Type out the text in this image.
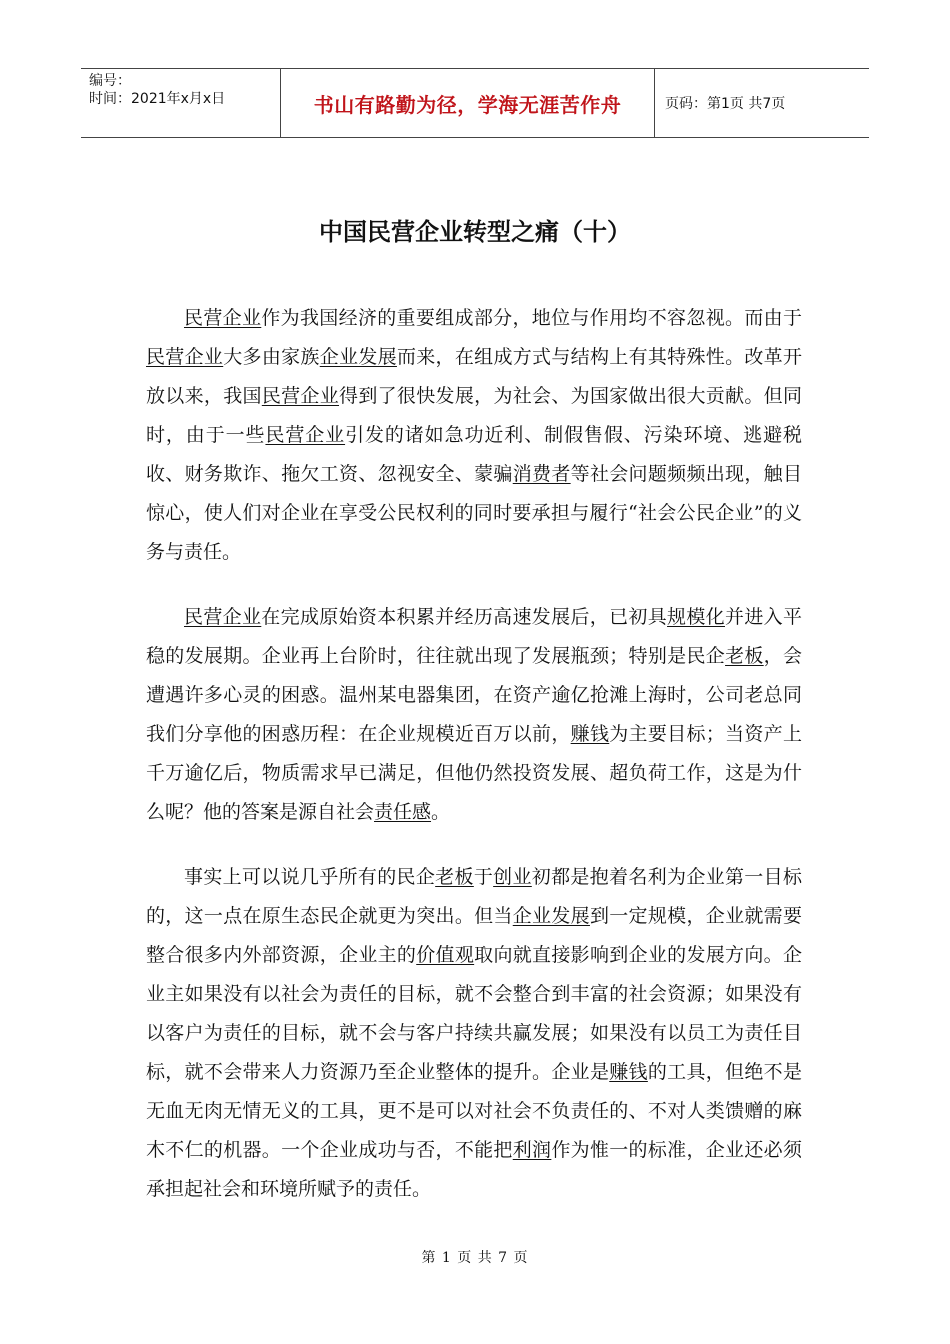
编号：
时间：2021年x月x日	书山有路勤为径，学海无涯苦作舟	页码：第1页 共7页
中国民营企业转型之痛（十）

民营企业作为我国经济的重要组成部分，地位与作用均不容忽视。而由于民营企业大多由家族企业发展而来，在组成方式与结构上有其特殊性。改革开放以来，我国民营企业得到了很快发展，为社会、为国家做出很大贡献。但同时，由于一些民营企业引发的诸如急功近利、制假售假、污染环境、逃避税收、财务欺诈、拖欠工资、忽视安全、蒙骗消费者等社会问题频频出现，触目惊心，使人们对企业在享受公民权利的同时要承担与履行“社会公民企业”的义务与责任。

民营企业在完成原始资本积累并经历高速发展后，已初具规模化并进入平稳的发展期。企业再上台阶时，往往就出现了发展瓶颈；特别是民企老板，会遭遇许多心灵的困惑。温州某电器集团，在资产逾亿抢滩上海时，公司老总同我们分享他的困惑历程：在企业规模近百万以前，赚钱为主要目标；当资产上千万逾亿后，物质需求早已满足，但他仍然投资发展、超负荷工作，这是为什么呢？他的答案是源自社会责任感。

事实上可以说几乎所有的民企老板于创业初都是抱着名利为企业第一目标的，这一点在原生态民企就更为突出。但当企业发展到一定规模，企业就需要整合很多内外部资源，企业主的价值观取向就直接影响到企业的发展方向。企业主如果没有以社会为责任的目标，就不会整合到丰富的社会资源；如果没有以客户为责任的目标，就不会与客户持续共赢发展；如果没有以员工为责任目标，就不会带来人力资源乃至企业整体的提升。企业是赚钱的工具，但绝不是无血无肉无情无义的工具，更不是可以对社会不负责任的、不对人类馈赠的麻木不仁的机器。一个企业成功与否，不能把利润作为惟一的标准，企业还必须承担起社会和环境所赋予的责任。

第 1 页 共 7 页
